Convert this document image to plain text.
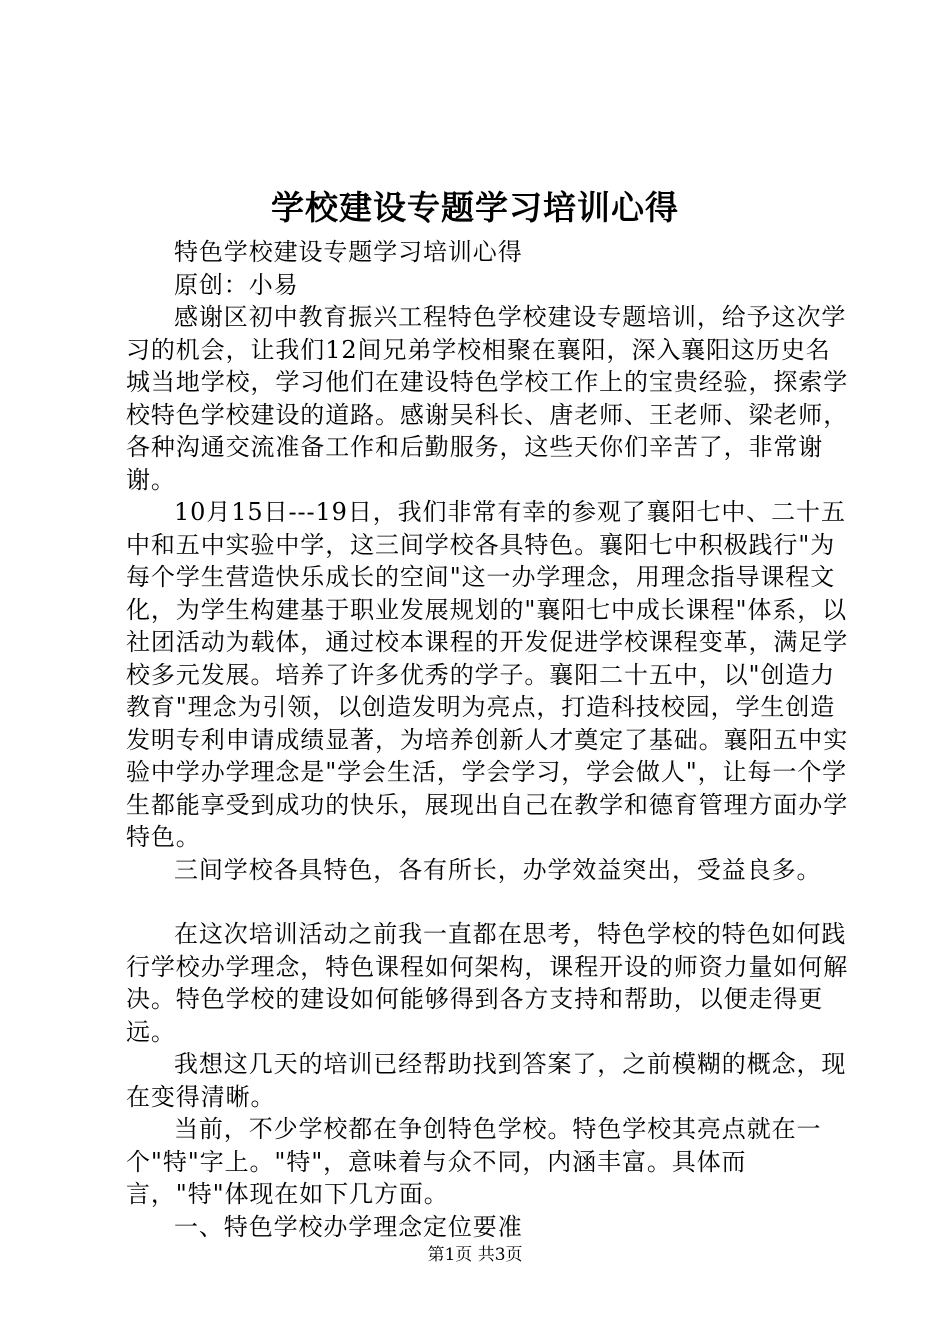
学校建设专题学习培训心得

特色学校建设专题学习培训心得

原创：小易

感谢区初中教育振兴工程特色学校建设专题培训，给予这次学习的机会，让我们12间兄弟学校相聚在襄阳，深入襄阳这历史名城当地学校，学习他们在建设特色学校工作上的宝贵经验，探索学校特色学校建设的道路。感谢吴科长、唐老师、王老师、梁老师，各种沟通交流准备工作和后勤服务，这些天你们辛苦了，非常谢谢。

10月15日---19日，我们非常有幸的参观了襄阳七中、二十五中和五中实验中学，这三间学校各具特色。襄阳七中积极践行"为每个学生营造快乐成长的空间"这一办学理念，用理念指导课程文化，为学生构建基于职业发展规划的"襄阳七中成长课程"体系，以社团活动为载体，通过校本课程的开发促进学校课程变革，满足学校多元发展。培养了许多优秀的学子。襄阳二十五中，以"创造力教育"理念为引领，以创造发明为亮点，打造科技校园，学生创造发明专利申请成绩显著，为培养创新人才奠定了基础。襄阳五中实验中学办学理念是"学会生活，学会学习，学会做人"，让每一个学生都能享受到成功的快乐，展现出自己在教学和德育管理方面办学特色。

三间学校各具特色，各有所长，办学效益突出，受益良多。

在这次培训活动之前我一直都在思考，特色学校的特色如何践行学校办学理念，特色课程如何架构，课程开设的师资力量如何解决。特色学校的建设如何能够得到各方支持和帮助，以便走得更远。

我想这几天的培训已经帮助找到答案了，之前模糊的概念，现在变得清晰。

当前，不少学校都在争创特色学校。特色学校其亮点就在一个"特"字上。"特"，意味着与众不同，内涵丰富。具体而言，"特"体现在如下几方面。

一、特色学校办学理念定位要准

第1页 共3页
